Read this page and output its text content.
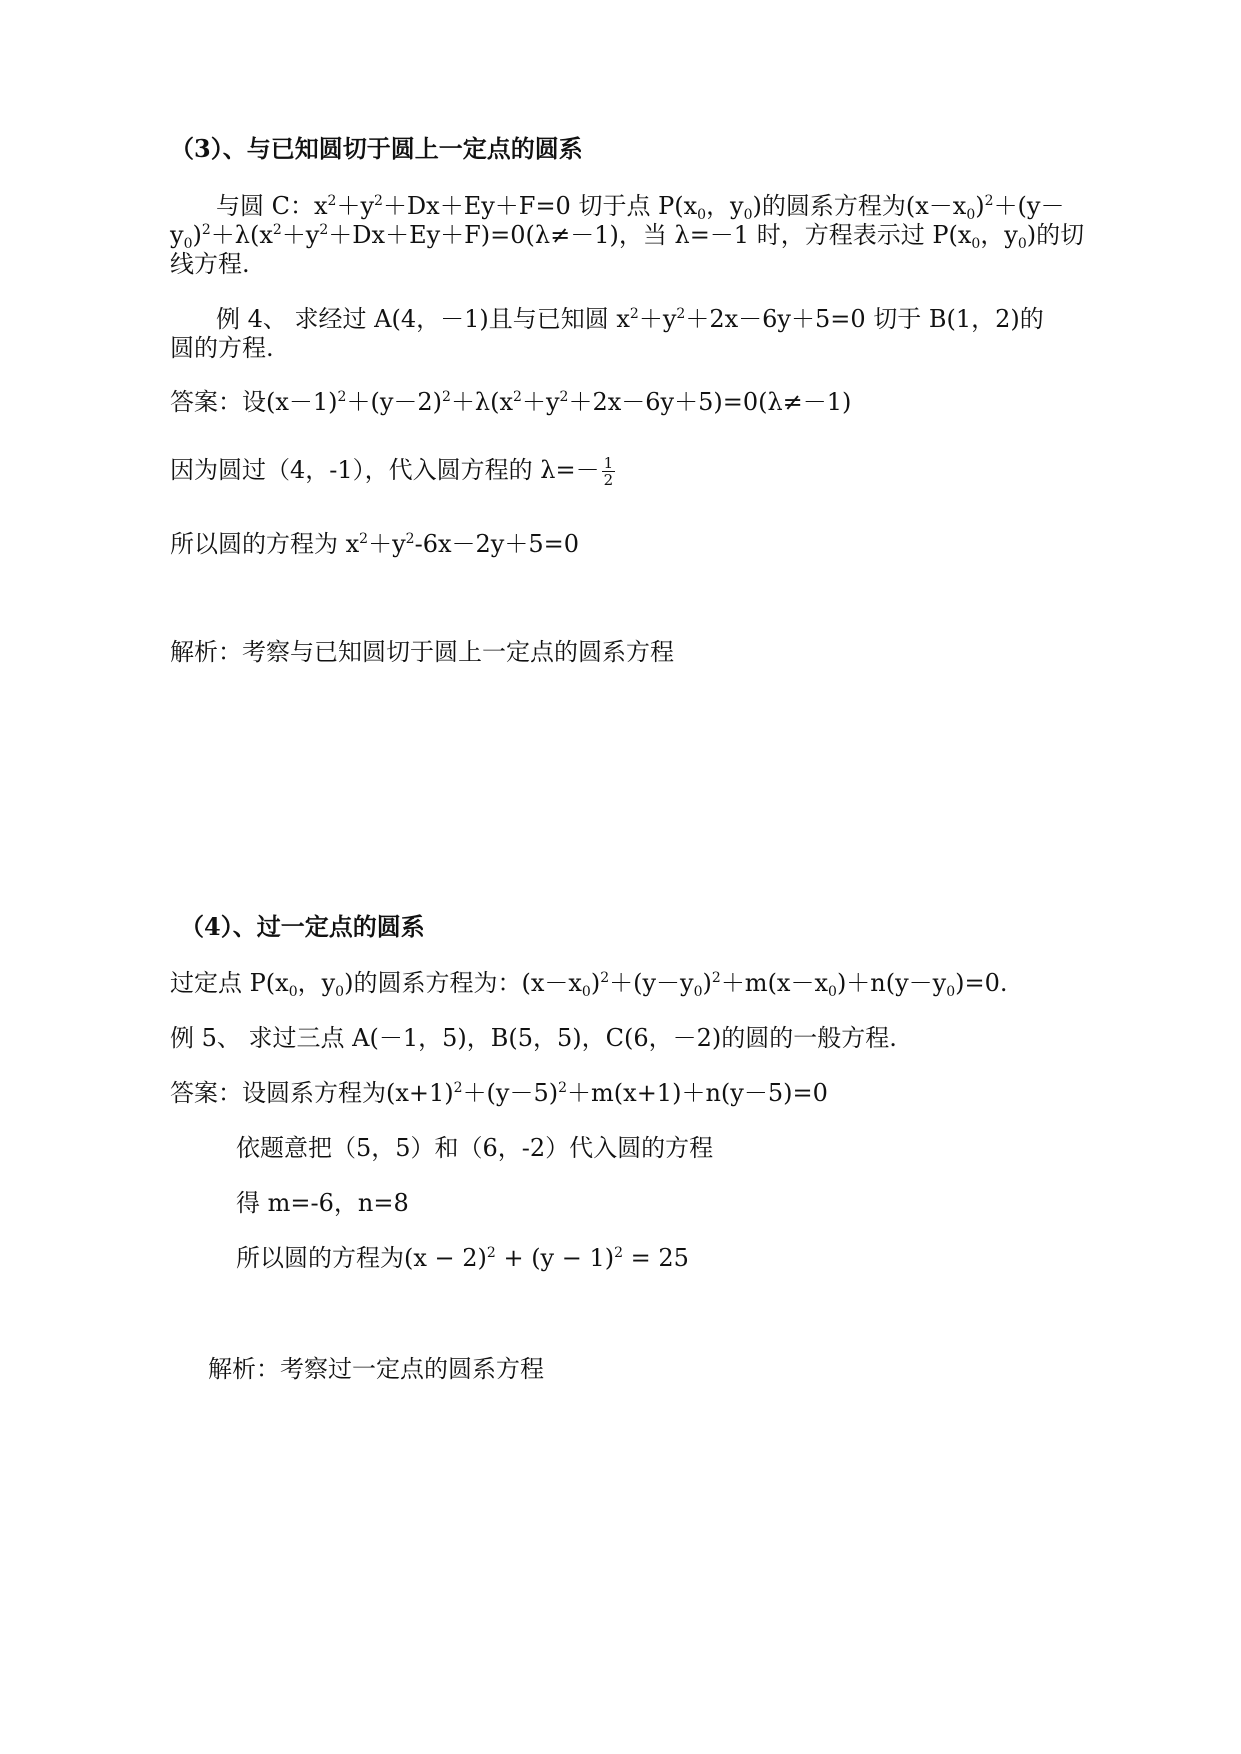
（3）、与已知圆切于圆上一定点的圆系
与圆 C：$x^2+y^2+Dx+Ey+F=0$ 切于点 $P(x_0$，$y_0$)的圆系方程为$(x-x_0)^2+(y-$
$y_0)^2+\lambda(x^2+y^2+Dx+Ey+F)=0(\lambda\ne-1)$，当 λ=－1 时，方程表示过 $P(x_0$，$y_0$)的切
线方程.
例 4、 求经过 A(4，－1)且与已知圆 $x^2+y^2+2x-6y+5=0$ 切于 B(1，2)的
圆的方程.
答案：设$(x-1)^2+(y-2)^2+\lambda(x^2+y^2+2x-6y+5)=0(\lambda\ne-1)$
因为圆过（4，-1），代入圆方程的 $\lambda=- \frac{1}{2}$
所以圆的方程为 $x^2+y^2-6x-2y+5=0$
解析：考察与已知圆切于圆上一定点的圆系方程
（4）、过一定点的圆系
过定点 $P(x_0$，$y_0$)的圆系方程为：$(x-x_0)^2+(y-y_0)^2+m(x-x_0)+n(y-y_0)=0$.
例 5、 求过三点 A(－1，5)，B(5，5)，C(6，－2)的圆的一般方程.
答案：设圆系方程为$(x+1)^2+(y-5)^2+m(x+1)+n(y-5)=0$
依题意把（5，5）和（6，-2）代入圆的方程
得 m=-6，n=8
所以圆的方程为$(x - 2)^2 + (y - 1)^2 = 25$
解析：考察过一定点的圆系方程
